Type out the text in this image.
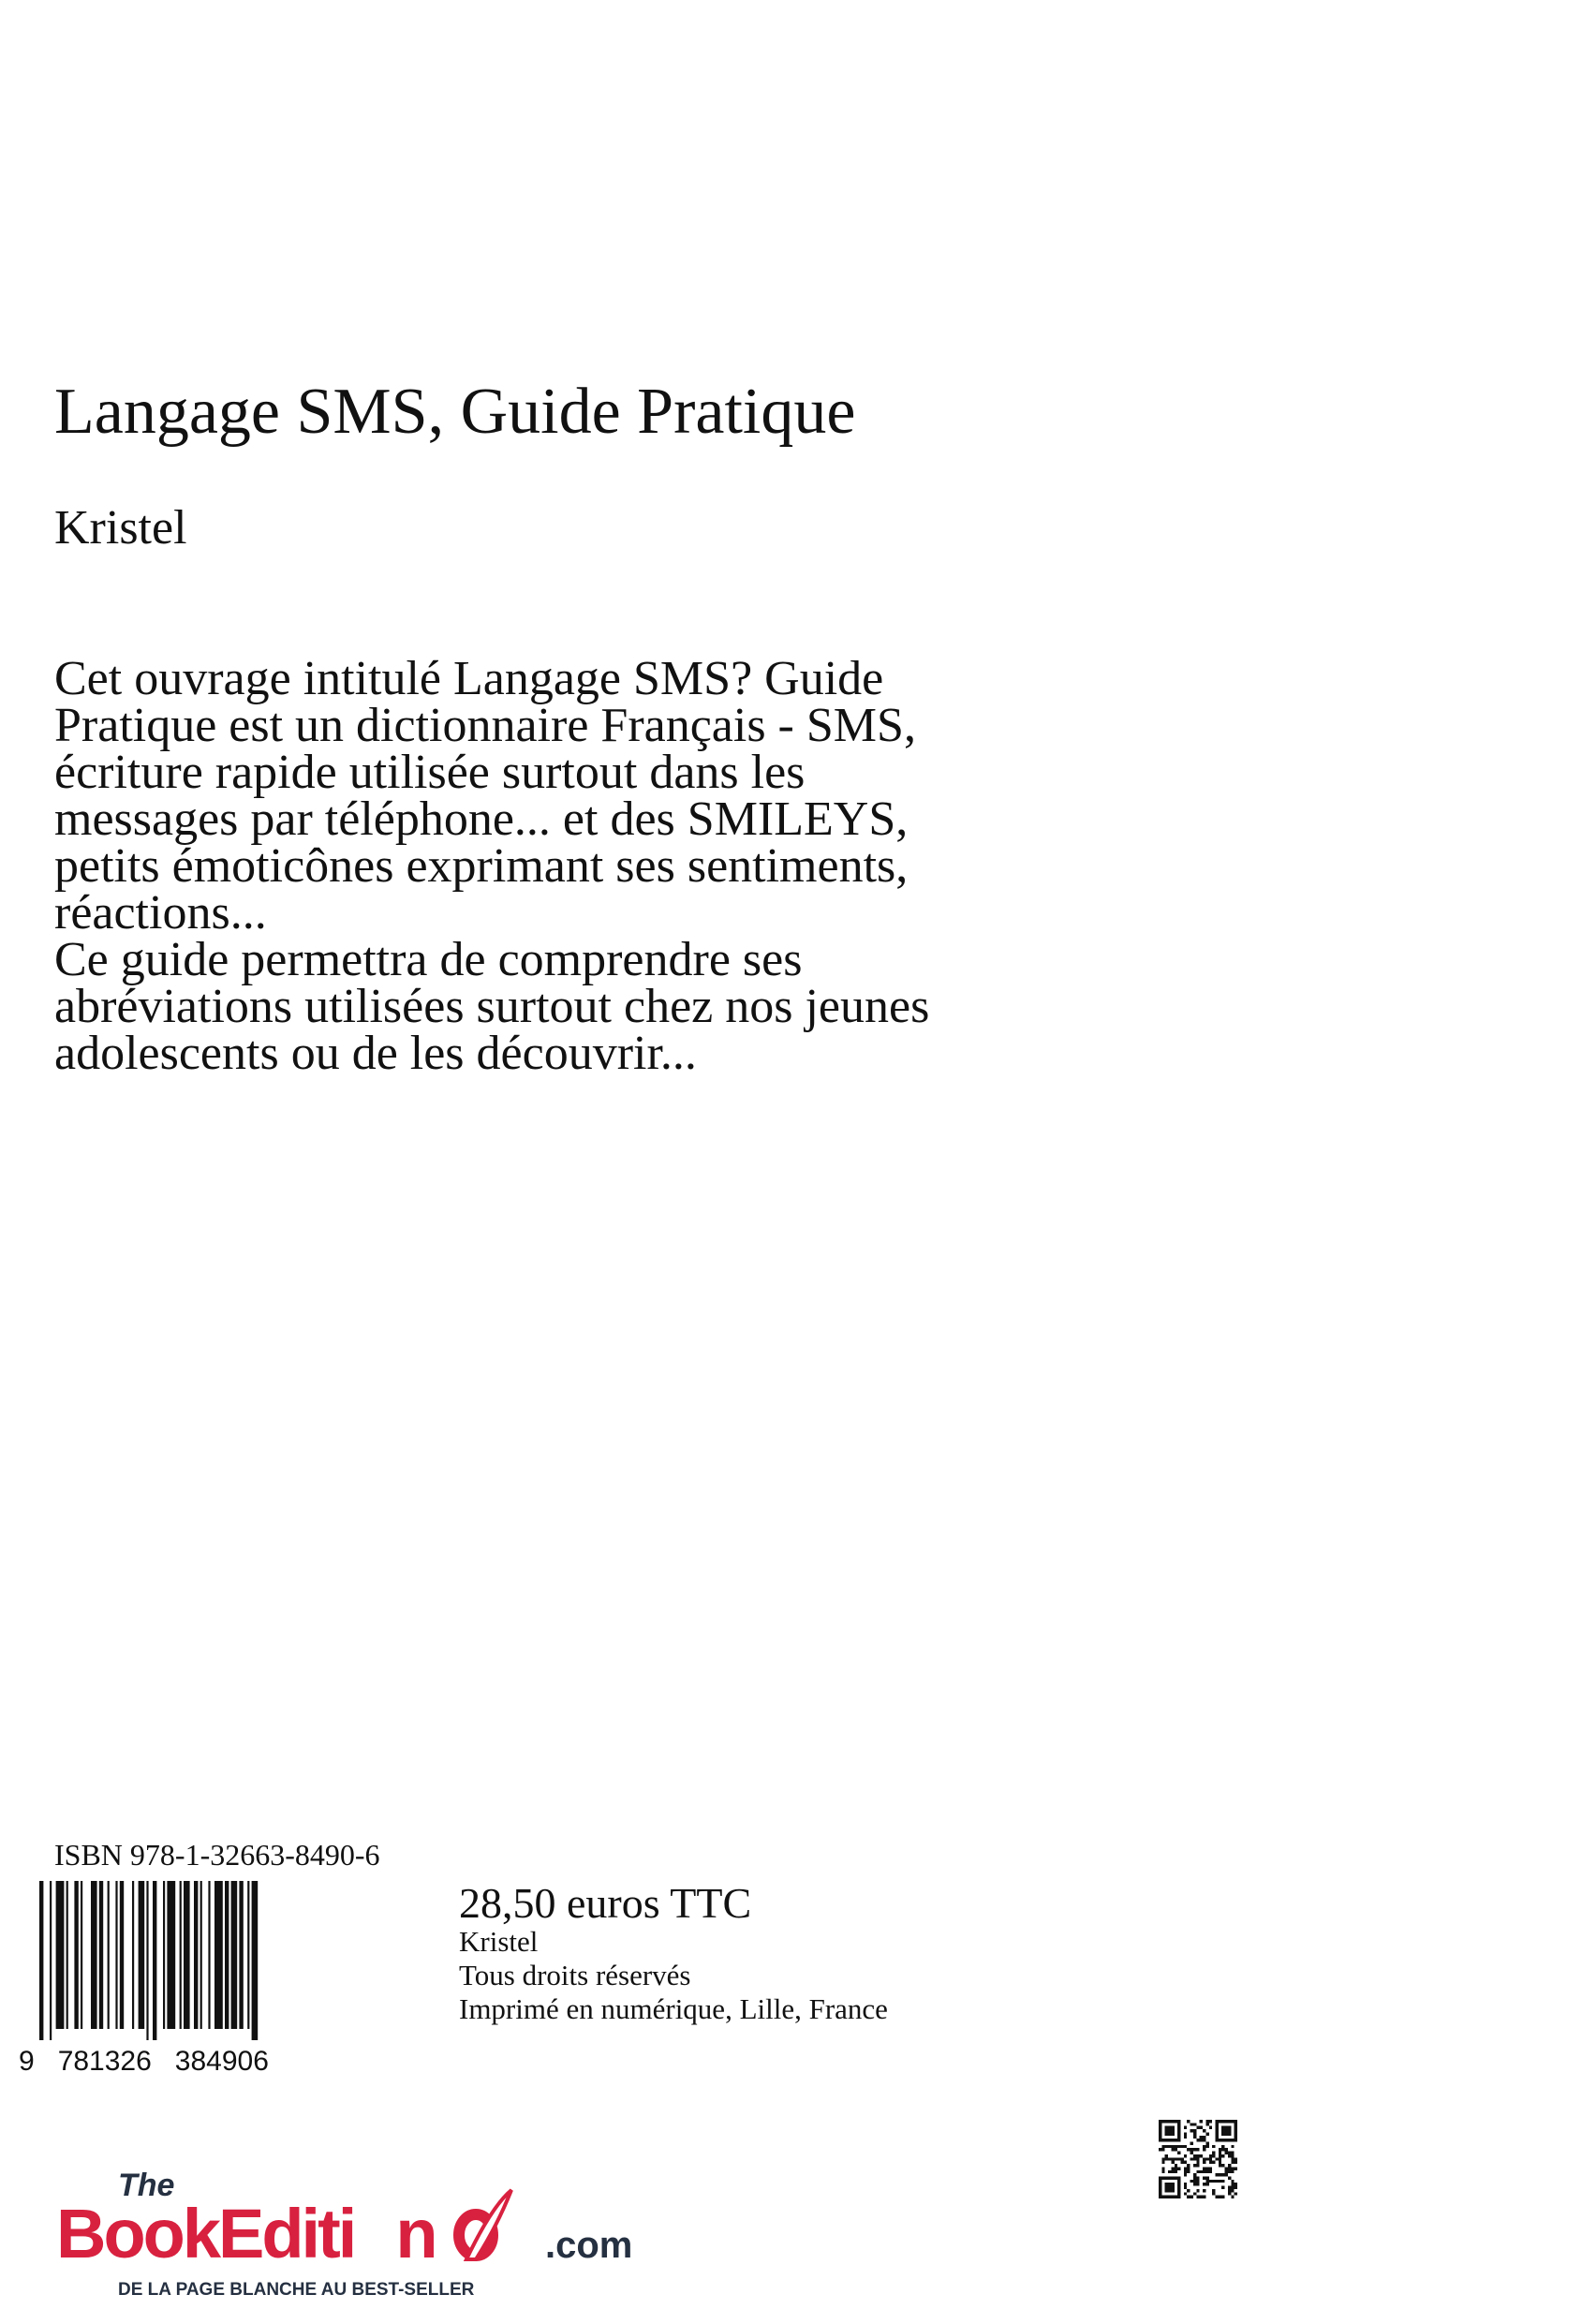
Langage SMS, Guide Pratique
Kristel

Cet ouvrage intitulé Langage SMS? Guide

Pratique est un dictionnaire Français - SMS,

écriture rapide utilisée surtout dans les

messages par téléphone... et des SMILEYS,

petits émoticônes exprimant ses sentiments,

réactions...

Ce guide permettra de comprendre ses

abréviations utilisées surtout chez nos jeunes

adolescents ou de les découvrir...

ISBN 978-1-32663-8490-6
9   781326   384906
28,50 euros TTC
Kristel
Tous droits réservés
Imprimé en numérique, Lille, France
The
BookEditi n	.com
DE LA PAGE BLANCHE AU BEST-SELLER
